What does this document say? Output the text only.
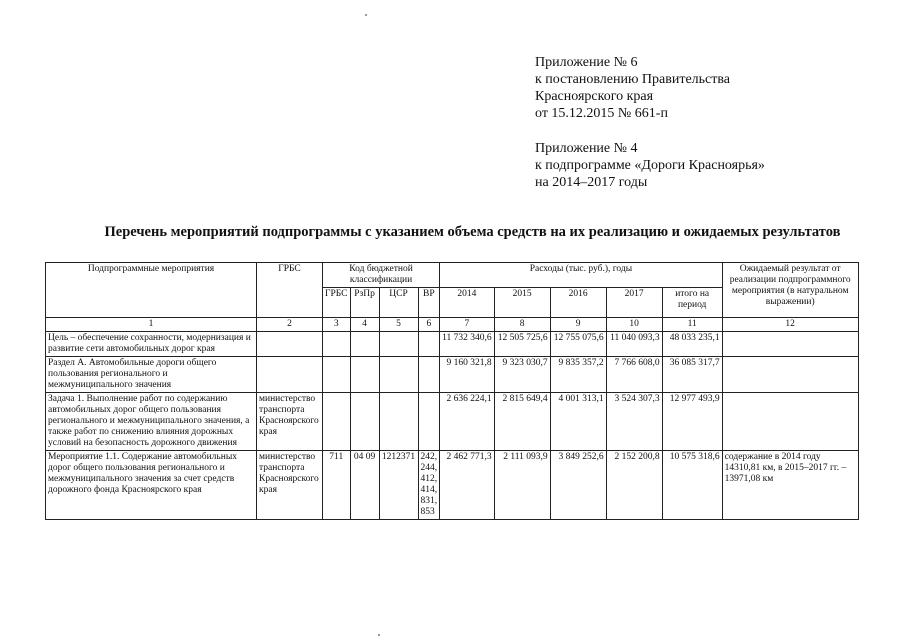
Приложение № 6
к постановлению Правительства
Красноярского края
от 15.12.2015 № 661-п
Приложение № 4
к подпрограмме «Дороги Красноярья»
на 2014–2017 годы
Перечень мероприятий подпрограммы с указанием объема средств на их реализацию и ожидаемых результатов
Подпрограммные мероприятия	ГРБС	Код бюджетной классификации				Расходы (тыс. руб.), годы					Ожидаемый результат от реализации подпрограммного мероприятия (в натуральном выражении)
		ГРБС	РзПр	ЦСР	ВР	2014	2015	2016	2017	итого на период	
1	2	3	4	5	6	7	8	9	10	11	12
Цель – обеспечение сохранности, модернизация и развитие сети автомобильных дорог края						11 732 340,6	12 505 725,6	12 755 075,6	11 040 093,3	48 033 235,1	
Раздел А. Автомобильные дороги общего пользования регионального и межмуниципального значения						9 160 321,8	9 323 030,7	9 835 357,2	7 766 608,0	36 085 317,7	
Задача 1. Выполнение работ по содержанию автомобильных дорог общего пользования регионального и межмуниципального значения, а также работ по снижению влияния дорожных условий на безопасность дорожного движения	министерство транспорта Красноярского края					2 636 224,1	2 815 649,4	4 001 313,1	3 524 307,3	12 977 493,9	
Мероприятие 1.1. Содержание автомобильных дорог общего пользования регионального и межмуниципального значения за счет средств дорожного фонда Красноярского края	министерство транспорта Красноярского края	711	04 09	1212371	242, 244, 412, 414, 831, 853	2 462 771,3	2 111 093,9	3 849 252,6	2 152 200,8	10 575 318,6	содержание в 2014 году 14310,81 км, в 2015–2017 гг. – 13971,08 км
